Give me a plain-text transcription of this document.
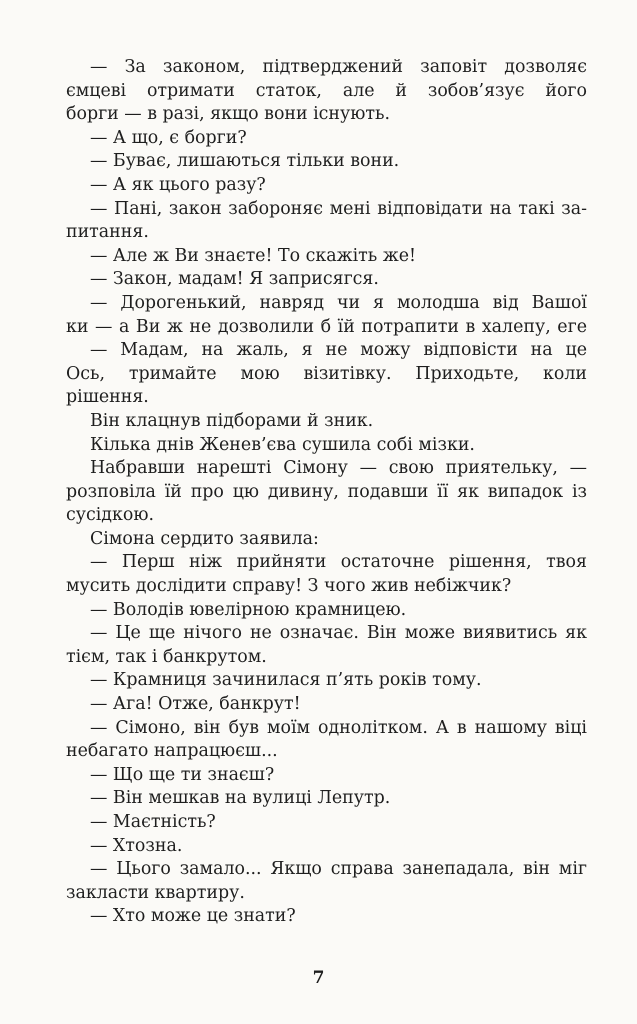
— За законом, підтверджений заповіт дозволяє
ємцеві отримати статок, але й зобов’язує його
борги — в разі, якщо вони існують.
— А що, є борги?
— Буває, лишаються тільки вони.
— А як цього разу?
— Пані, закон забороняє мені відповідати на такі за-
питання.
— Але ж Ви знаєте! То скажіть же!
— Закон, мадам! Я заприсягся.
— Дорогенький, навряд чи я молодша від Вашої
ки — а Ви ж не дозволили б їй потрапити в халепу, еге
— Мадам, на жаль, я не можу відповісти на це
Ось, тримайте мою візитівку. Приходьте, коли
рішення.
Він клацнув підборами й зник.
Кілька днів Женев’єва сушила собі мізки.
Набравши нарешті Сімону — свою приятельку, —
розповіла їй про цю дивину, подавши її як випадок із
сусідкою.
Сімона сердито заявила:
— Перш ніж прийняти остаточне рішення, твоя
мусить дослідити справу! З чого жив небіжчик?
— Володів ювелірною крамницею.
— Це ще нічого не означає. Він може виявитись як
тієм, так і банкрутом.
— Крамниця зачинилася п’ять років тому.
— Ага! Отже, банкрут!
— Сімоно, він був моїм однолітком. А в нашому віці
небагато напрацюєш...
— Що ще ти знаєш?
— Він мешкав на вулиці Лепутр.
— Маєтність?
— Хтозна.
— Цього замало... Якщо справа занепадала, він міг
закласти квартиру.
— Хто може це знати?
7
